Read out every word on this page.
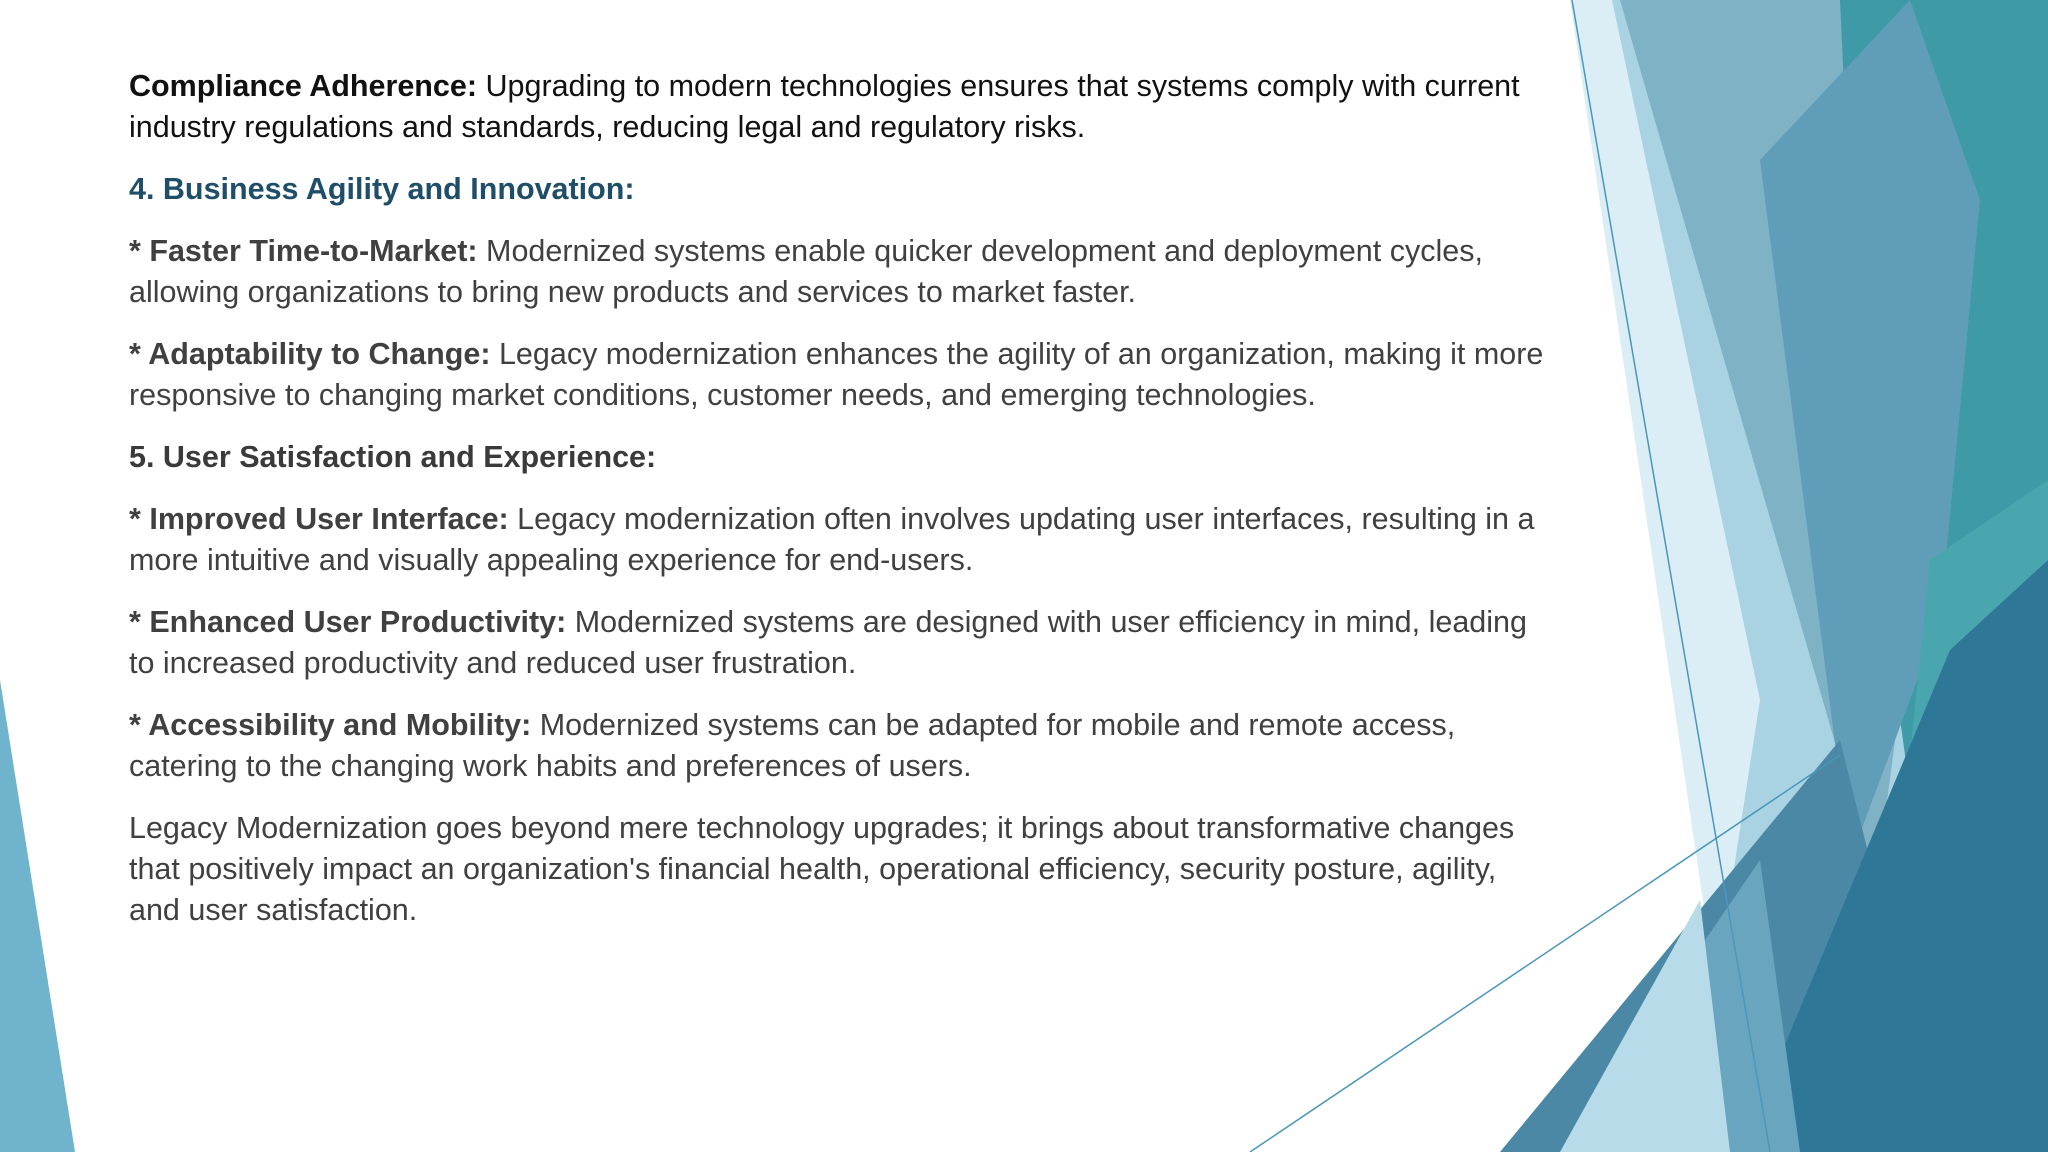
Compliance Adherence: Upgrading to modern technologies ensures that systems comply with current industry regulations and standards, reducing legal and regulatory risks.

4. Business Agility and Innovation:

* Faster Time-to-Market: Modernized systems enable quicker development and deployment cycles, allowing organizations to bring new products and services to market faster.

* Adaptability to Change: Legacy modernization enhances the agility of an organization, making it more responsive to changing market conditions, customer needs, and emerging technologies.

5. User Satisfaction and Experience:

* Improved User Interface: Legacy modernization often involves updating user interfaces, resulting in a more intuitive and visually appealing experience for end-users.

* Enhanced User Productivity: Modernized systems are designed with user efficiency in mind, leading to increased productivity and reduced user frustration.

* Accessibility and Mobility: Modernized systems can be adapted for mobile and remote access, catering to the changing work habits and preferences of users.

Legacy Modernization goes beyond mere technology upgrades; it brings about transformative changes that positively impact an organization's financial health, operational efficiency, security posture, agility, and user satisfaction.
